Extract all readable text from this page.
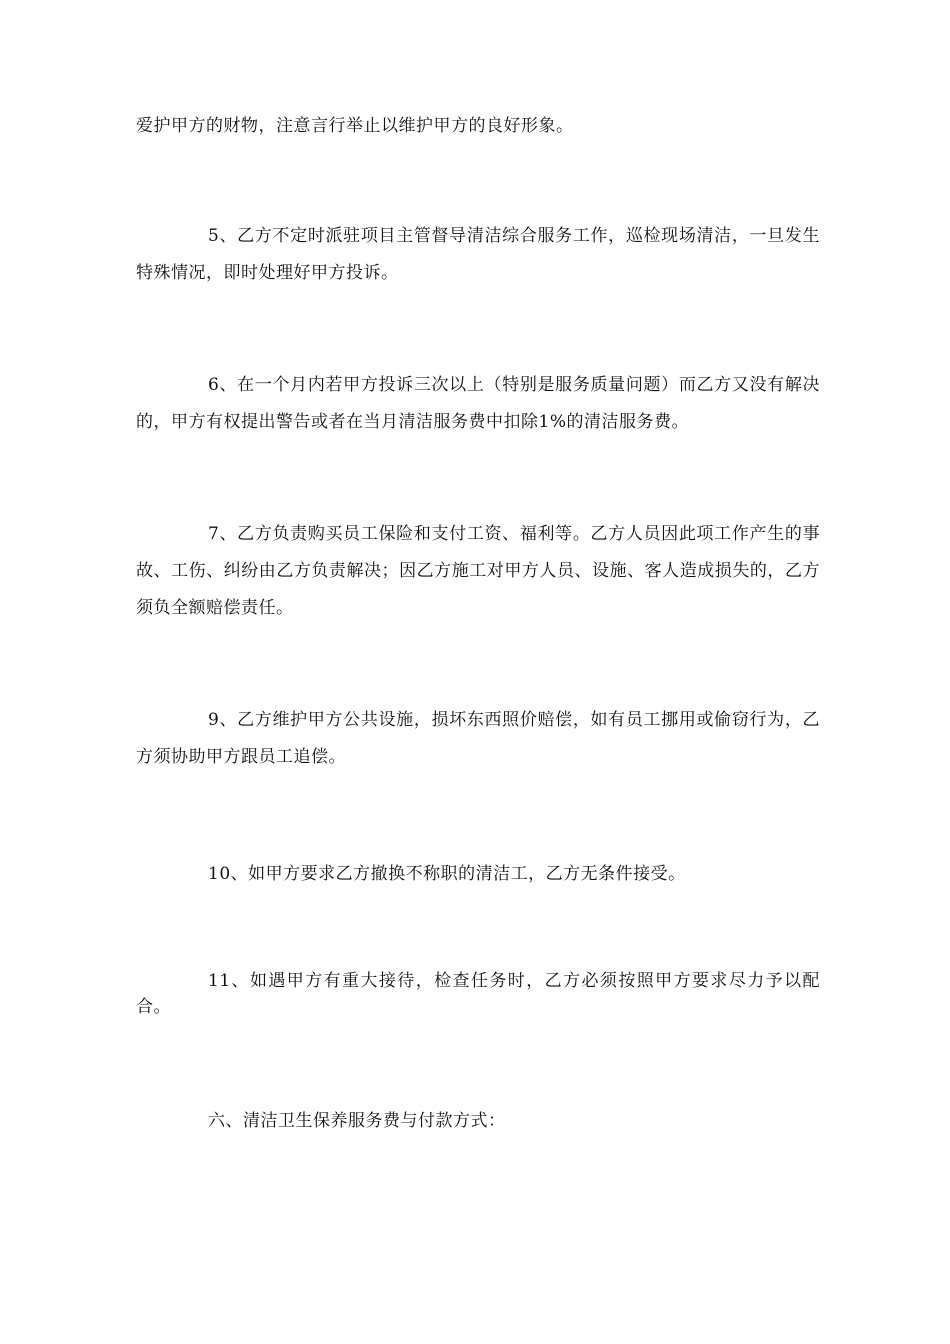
爱护甲方的财物，注意言行举止以维护甲方的良好形象。

5、乙方不定时派驻项目主管督导清洁综合服务工作，巡检现场清洁，一旦发生特殊情况，即时处理好甲方投诉。

6、在一个月内若甲方投诉三次以上（特别是服务质量问题）而乙方又没有解决的，甲方有权提出警告或者在当月清洁服务费中扣除1%的清洁服务费。

7、乙方负责购买员工保险和支付工资、福利等。乙方人员因此项工作产生的事故、工伤、纠纷由乙方负责解决；因乙方施工对甲方人员、设施、客人造成损失的，乙方须负全额赔偿责任。

9、乙方维护甲方公共设施，损坏东西照价赔偿，如有员工挪用或偷窃行为，乙方须协助甲方跟员工追偿。

10、如甲方要求乙方撤换不称职的清洁工，乙方无条件接受。

11、如遇甲方有重大接待，检查任务时，乙方必须按照甲方要求尽力予以配合。

六、清洁卫生保养服务费与付款方式：
